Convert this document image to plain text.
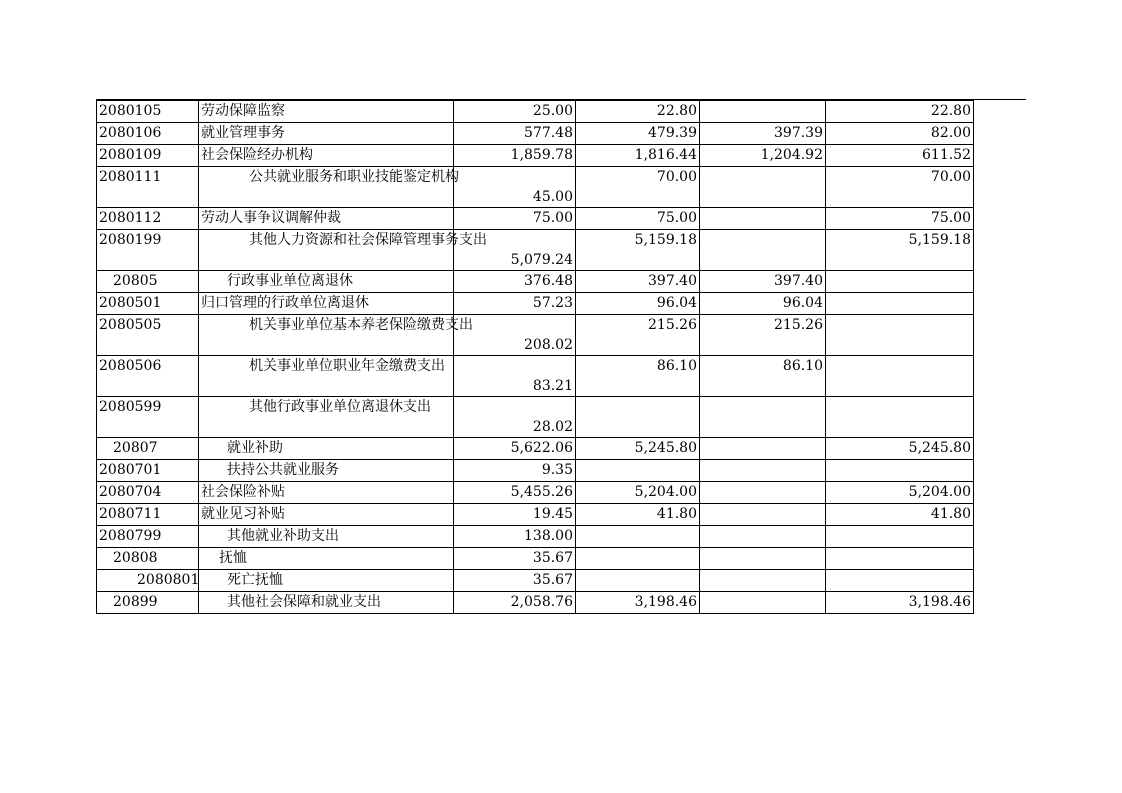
2080105	劳动保障监察	25.00	22.80		22.80
2080106	就业管理事务	577.48	479.39	397.39	82.00
2080109	社会保险经办机构	1,859.78	1,816.44	1,204.92	611.52
2080111	公共就业服务和职业技能鉴定机构	45.00	70.00		70.00
2080112	劳动人事争议调解仲裁	75.00	75.00		75.00
2080199	其他人力资源和社会保障管理事务支出	5,079.24	5,159.18		5,159.18
20805	行政事业单位离退休	376.48	397.40	397.40	
2080501	归口管理的行政单位离退休	57.23	96.04	96.04	
2080505	机关事业单位基本养老保险缴费支出	208.02	215.26	215.26	
2080506	机关事业单位职业年金缴费支出	83.21	86.10	86.10	
2080599	其他行政事业单位离退休支出	28.02			
20807	就业补助	5,622.06	5,245.80		5,245.80
2080701	扶持公共就业服务	9.35			
2080704	社会保险补贴	5,455.26	5,204.00		5,204.00
2080711	就业见习补贴	19.45	41.80		41.80
2080799	其他就业补助支出	138.00			
20808	抚恤	35.67			
2080801	死亡抚恤	35.67			
20899	其他社会保障和就业支出	2,058.76	3,198.46		3,198.46
